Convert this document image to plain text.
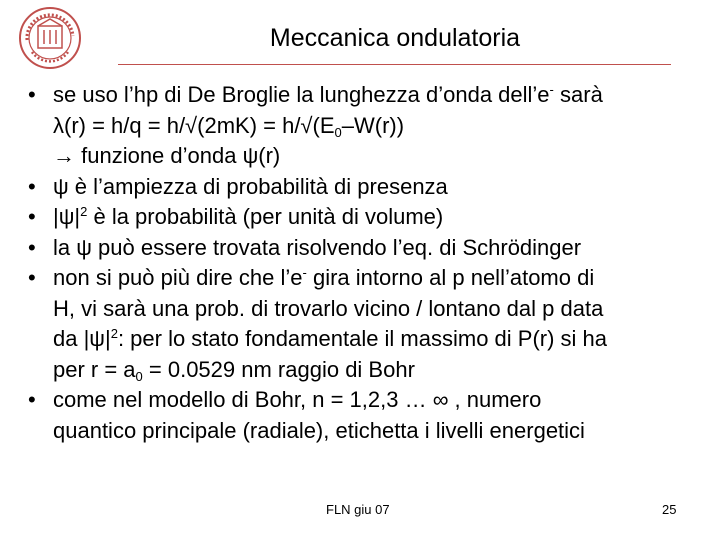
Meccanica ondulatoria
• se uso l’hp di De Broglie la lunghezza d’onda dell’e- sarà
$\lambda(r) = h/q = h/√(2mK) = h/√(E_0-W(r))$
→ funzione d’onda ψ(r)
• ψ è l’ampiezza di probabilità di presenza
• $|\psi|^2$ è la probabilità (per unità di volume)
• la ψ può essere trovata risolvendo l’eq. di Schrödinger
• non si può più dire che l’e- gira intorno al p nell’atomo di
H, vi sarà una prob. di trovarlo vicino / lontano dal p data
da $|\psi|^2$: per lo stato fondamentale il massimo di P(r) si ha
per $r = a_0 = 0.0529$ nm raggio di Bohr
• come nel modello di Bohr, n = 1,2,3 … ∞ , numero
quantico principale (radiale), etichetta i livelli energetici
FLN giu 07	25
